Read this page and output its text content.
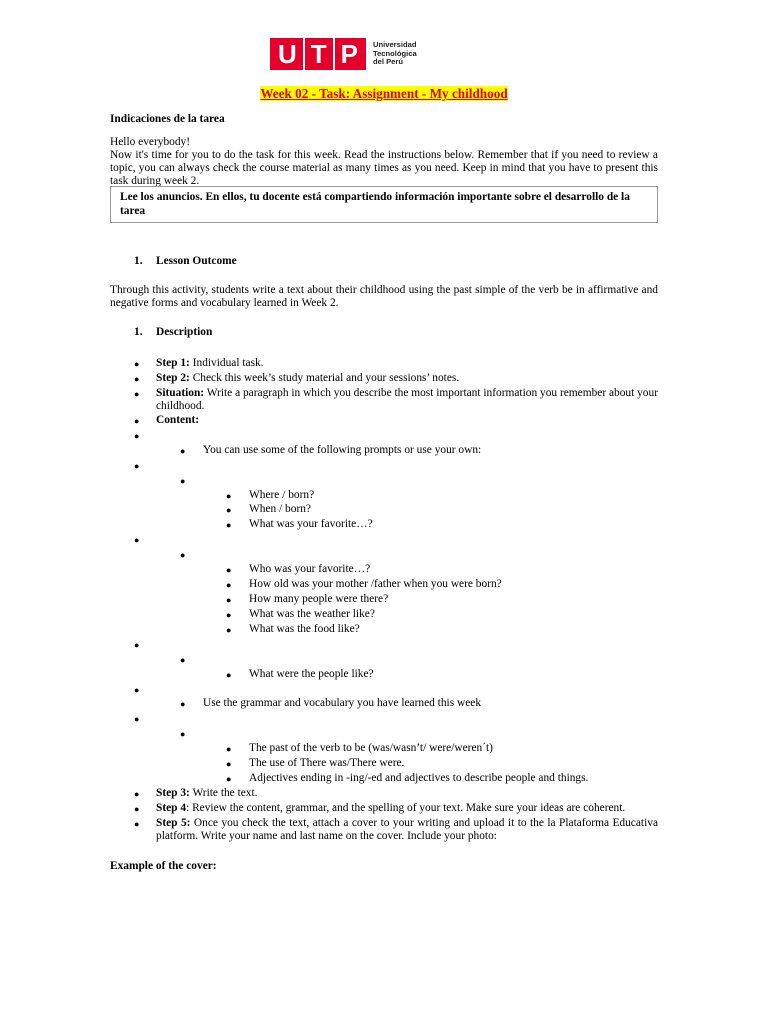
U T P Universidad
Tecnológica
del Perú
Week 02 - Task: Assignment - My childhood
Indicaciones de la tarea
Hello everybody!
Now it's time for you to do the task for this week. Read the instructions below. Remember that if you need to review a topic, you can always check the course material as many times as you need. Keep in mind that you have to present this task during week 2.
Lee los anuncios. En ellos, tu docente está compartiendo información importante sobre el desarrollo de la tarea
1. Lesson Outcome
Through this activity, students write a text about their childhood using the past simple of the verb be in affirmative and negative forms and vocabulary learned in Week 2.
1. Description
● Step 1: Individual task.
● Step 2: Check this week’s study material and your sessions’ notes.
● Situation: Write a paragraph in which you describe the most important information you remember about your childhood.
● Content:
●
● You can use some of the following prompts or use your own:
●
●
● Where / born?
● When / born?
● What was your favorite…?
●
●
● Who was your favorite…?
● How old was your mother /father when you were born?
● How many people were there?
● What was the weather like?
● What was the food like?
●
●
● What were the people like?
●
● Use the grammar and vocabulary you have learned this week
●
●
● The past of the verb to be (was/wasn’t/ were/weren´t)
● The use of There was/There were.
● Adjectives ending in -ing/-ed and adjectives to describe people and things.
● Step 3: Write the text.
● Step 4: Review the content, grammar, and the spelling of your text. Make sure your ideas are coherent.
● Step 5: Once you check the text, attach a cover to your writing and upload it to the la Plataforma Educativa platform. Write your name and last name on the cover. Include your photo:
Example of the cover:
